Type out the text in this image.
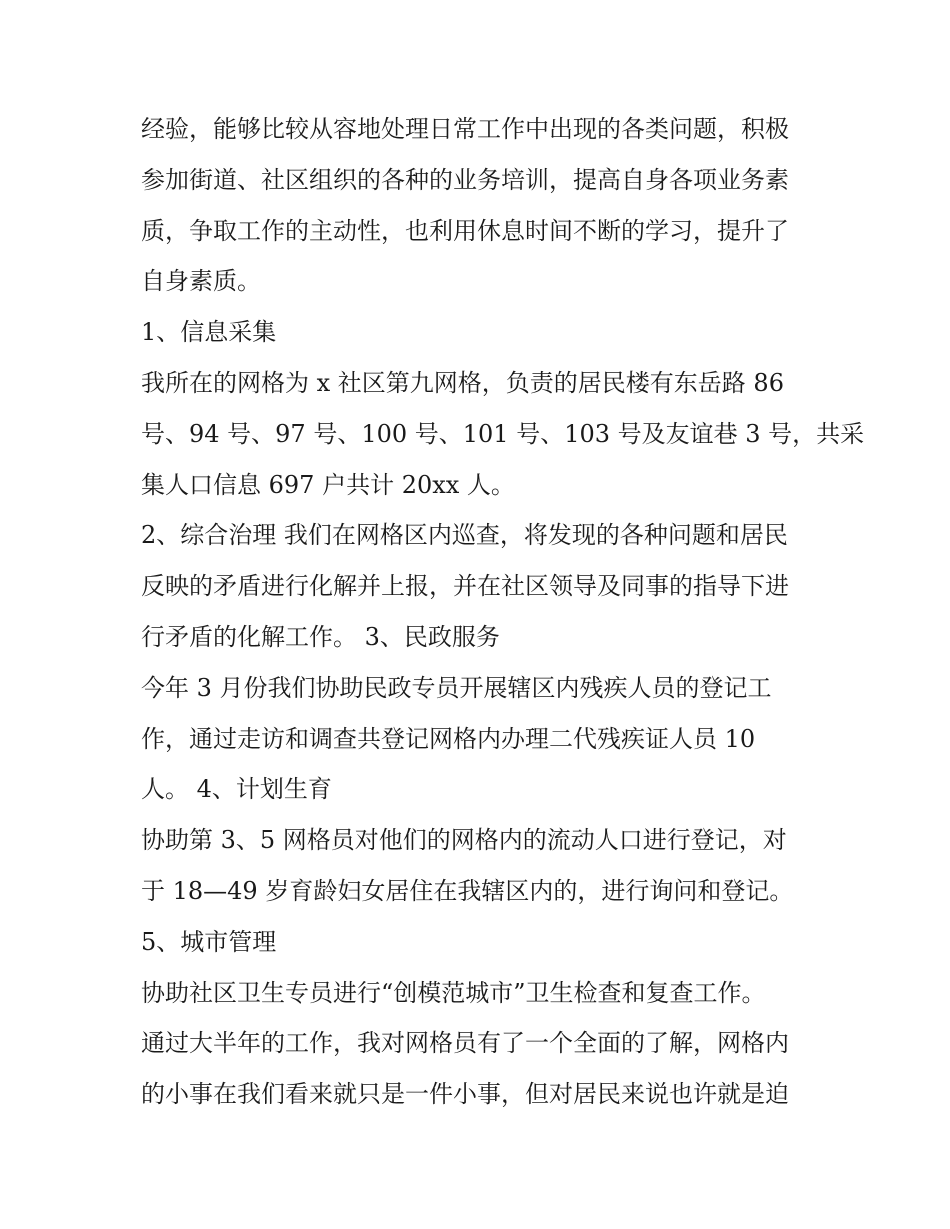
经验，能够比较从容地处理日常工作中出现的各类问题，积极

参加街道、社区组织的各种的业务培训，提高自身各项业务素

质，争取工作的主动性，也利用休息时间不断的学习，提升了

自身素质。

1、信息采集

我所在的网格为 x 社区第九网格，负责的居民楼有东岳路 86

号、94 号、97 号、100 号、101 号、103 号及友谊巷 3 号，共采

集人口信息 697 户共计 20xx 人。

2、综合治理 我们在网格区内巡查，将发现的各种问题和居民

反映的矛盾进行化解并上报，并在社区领导及同事的指导下进

行矛盾的化解工作。 3、民政服务

今年 3 月份我们协助民政专员开展辖区内残疾人员的登记工

作，通过走访和调查共登记网格内办理二代残疾证人员 10

人。 4、计划生育

协助第 3、5 网格员对他们的网格内的流动人口进行登记，对

于 18—49 岁育龄妇女居住在我辖区内的，进行询问和登记。

5、城市管理

协助社区卫生专员进行“创模范城市”卫生检查和复查工作。

通过大半年的工作，我对网格员有了一个全面的了解，网格内

的小事在我们看来就只是一件小事，但对居民来说也许就是迫
